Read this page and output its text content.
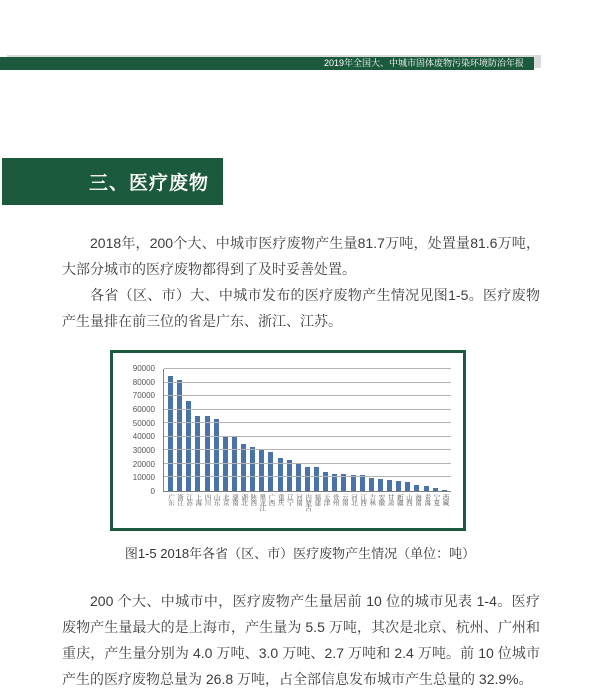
2019年全国大、中城市固体废物污染环境防治年报
三、医疗废物

2018年，200个大、中城市医疗废物产生量81.7万吨，处置量81.6万吨，大部分城市的医疗废物都得到了及时妥善处置。

各省（区、市）大、中城市发布的医疗废物产生情况见图1-5。医疗废物产生量排在前三位的省是广东、浙江、江苏。

0
10000
20000
30000
40000
50000
60000
70000
80000
90000
广东 浙江 江苏 上海 四川 山东 北京 湖南 湖北 陕西 黑龙江 广西 重庆 辽宁 河南 内蒙古 福建 天津 贵州 云南 河北 江西 吉林 安徽 甘肃 新疆 山西 海南 青海 宁夏 西藏
图1-5 2018年各省（区、市）医疗废物产生情况（单位：吨）

200 个大、中城市中，医疗废物产生量居前 10 位的城市见表 1-4。医疗废物产生量最大的是上海市，产生量为 5.5 万吨，其次是北京、杭州、广州和重庆，产生量分别为 4.0 万吨、3.0 万吨、2.7 万吨和 2.4 万吨。前 10 位城市产生的医疗废物总量为 26.8 万吨，占全部信息发布城市产生总量的 32.9%。
